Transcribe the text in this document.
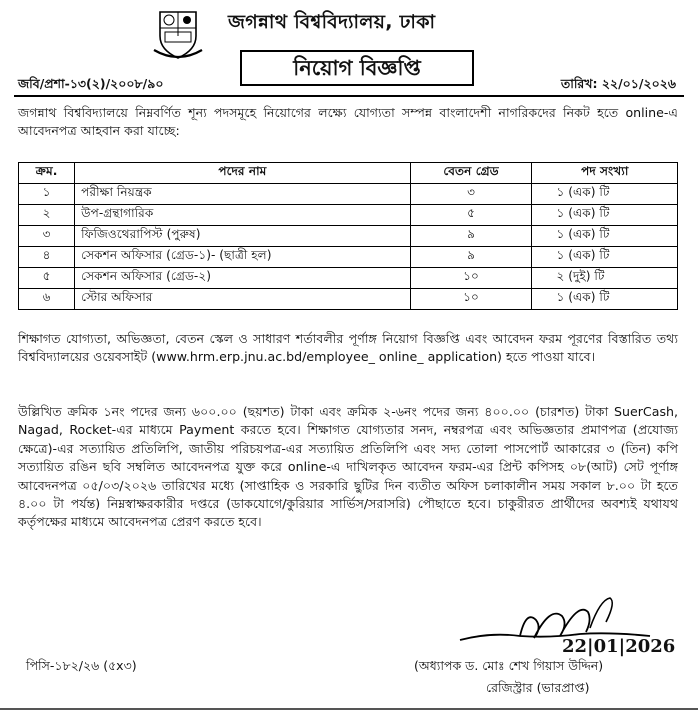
জগন্নাথ বিশ্ববিদ্যালয়, ঢাকা
নিয়োগ বিজ্ঞপ্তি
জবি/প্রশা-১৩(২)/২০০৮/৯০	তারিখ: ২২/০১/২০২৬

জগন্নাথ বিশ্ববিদ্যালয়ে নিম্নবর্ণিত শূন্য পদসমূহে নিয়োগের লক্ষ্যে যোগ্যতা সম্পন্ন বাংলাদেশী নাগরিকদের নিকট হতে online-এ আবেদনপত্র আহবান করা যাচ্ছে:

ক্রম.	পদের নাম	বেতন গ্রেড	পদ সংখ্যা
১	পরীক্ষা নিয়ন্ত্রক	৩	১ (এক) টি
২	উপ-গ্রন্থাগারিক	৫	১ (এক) টি
৩	ফিজিওথেরাপিস্ট (পুরুষ)	৯	১ (এক) টি
৪	সেকশন অফিসার (গ্রেড-১)- (ছাত্রী হল)	৯	১ (এক) টি
৫	সেকশন অফিসার (গ্রেড-২)	১০	২ (দুই) টি
৬	স্টোর অফিসার	১০	১ (এক) টি

শিক্ষাগত যোগ্যতা, অভিজ্ঞতা, বেতন স্কেল ও সাধারণ শর্তাবলীর পূর্ণাঙ্গ নিয়োগ বিজ্ঞপ্তি এবং আবেদন ফরম পূরণের বিস্তারিত তথ্য বিশ্ববিদ্যালয়ের ওয়েবসাইট (www.hrm.erp.jnu.ac.bd/employee_ online_ application) হতে পাওয়া যাবে।

উল্লিখিত ক্রমিক ১নং পদের জন্য ৬০০.০০ (ছয়শত) টাকা এবং ক্রমিক ২-৬নং পদের জন্য ৪০০.০০ (চারশত) টাকা SuerCash, Nagad, Rocket-এর মাধ্যমে Payment করতে হবে। শিক্ষাগত যোগ্যতার সনদ, নম্বরপত্র এবং অভিজ্ঞতার প্রমাণপত্র (প্রযোজ্য ক্ষেত্রে)-এর সত্যায়িত প্রতিলিপি, জাতীয় পরিচয়পত্র-এর সত্যায়িত প্রতিলিপি এবং সদ্য তোলা পাসপোর্ট আকারের ৩ (তিন) কপি সত্যায়িত রঙিন ছবি সম্বলিত আবেদনপত্র যুক্ত করে online-এ দাখিলকৃত আবেদন ফরম-এর প্রিন্ট কপিসহ ০৮(আট) সেট পূর্ণাঙ্গ আবেদনপত্র ০৫/০৩/২০২৬ তারিখের মধ্যে (সাপ্তাহিক ও সরকারি ছুটির দিন ব্যতীত অফিস চলাকালীন সময় সকাল ৮.০০ টা হতে ৪.০০ টা পর্যন্ত) নিম্নস্বাক্ষরকারীর দপ্তরে (ডাকযোগে/কুরিয়ার সার্ভিস/সরাসরি) পৌছাতে হবে। চাকুরীরত প্রার্থীদের অবশ্যই যথাযথ কর্তৃপক্ষের মাধ্যমে আবেদনপত্র প্রেরণ করতে হবে।

22|01|2026
পিসি-১৮২/২৬ (৫x৩)	(অধ্যাপক ড. মোঃ শেখ গিয়াস উদ্দিন)
রেজিস্ট্রার (ভারপ্রাপ্ত)
